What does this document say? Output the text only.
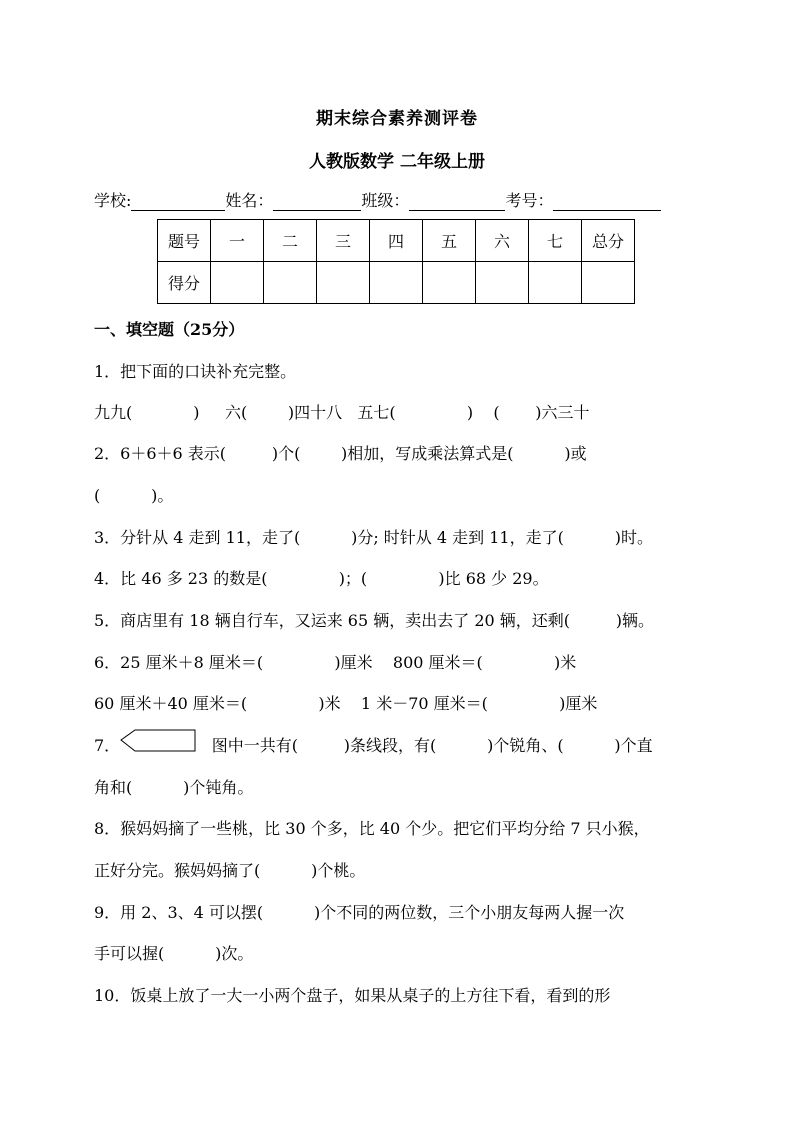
期末综合素养测评卷
人教版数学 二年级上册
学校:	姓名：	班级：	考号：
题号	一	二	三	四	五	六	七	总分
得分								
一、填空题（25分）
1．把下面的口诀补充完整。
九九(            )     六(        )四十八   五七(              )    (       )六三十
2．6＋6＋6 表示(         )个(        )相加，写成乘法算式是(          )或
(          )。
3．分针从 4 走到 11，走了(          )分; 时针从 4 走到 11，走了(          )时。
4．比 46 多 23 的数是(              )；(              )比 68 少 29。
5．商店里有 18 辆自行车，又运来 65 辆，卖出去了 20 辆，还剩(         )辆。
6．25 厘米＋8 厘米＝(              )厘米    800 厘米＝(              )米
60 厘米＋40 厘米＝(              )米    1 米－70 厘米＝(              )厘米
7．                  图中一共有(         )条线段，有(          )个锐角、(          )个直
角和(          )个钝角。
8．猴妈妈摘了一些桃，比 30 个多，比 40 个少。把它们平均分给 7 只小猴，
正好分完。猴妈妈摘了(          )个桃。
9．用 2、3、4 可以摆(          )个不同的两位数，三个小朋友每两人握一次
手可以握(          )次。
10．饭桌上放了一大一小两个盘子，如果从桌子的上方往下看，看到的形
